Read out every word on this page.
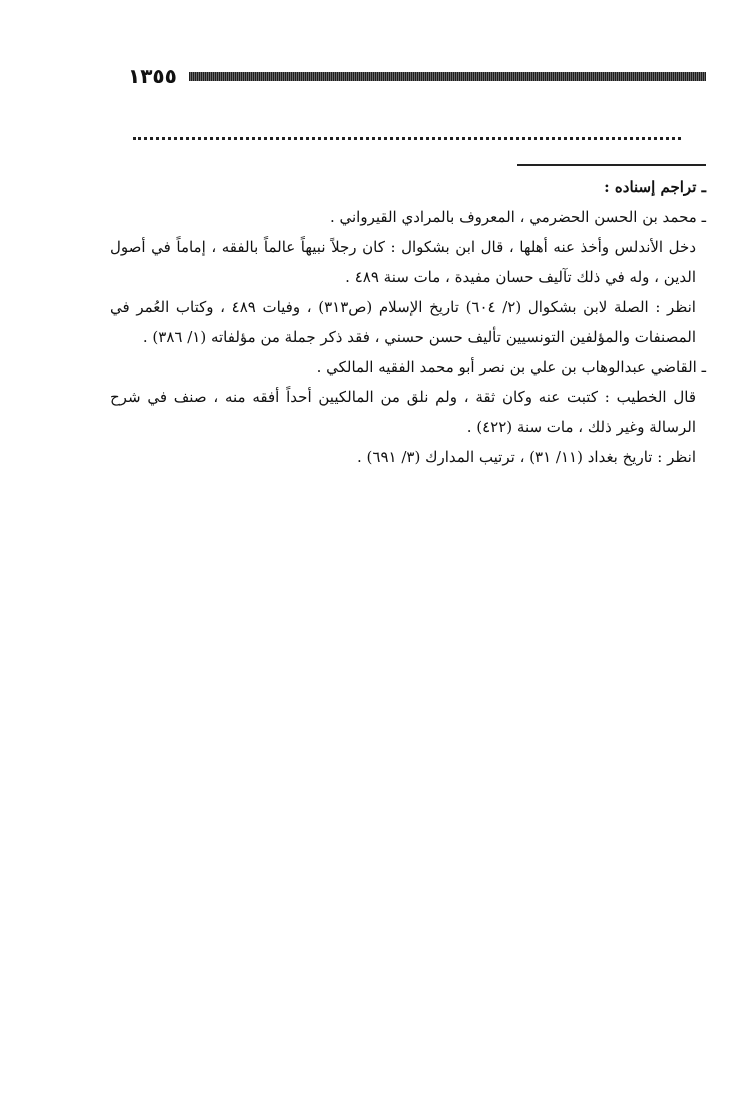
١٣٥٥

ـ تراجم إسناده :

ـ محمد بن الحسن الحضرمي ، المعروف بالمرادي القيرواني .

دخل الأندلس وأخذ عنه أهلها ، قال ابن بشكوال : كان رجلاً نبيهاً عالماً بالفقه ، إماماً في أصول الدين ، وله في ذلك تآليف حسان مفيدة ، مات سنة ٤٨٩ .

انظر : الصلة لابن بشكوال (٢/ ٦٠٤) تاريخ الإسلام (ص٣١٣) ، وفيات ٤٨٩ ، وكتاب العُمر في المصنفات والمؤلفين التونسيين تأليف حسن حسني ، فقد ذكر جملة من مؤلفاته (١/ ٣٨٦) .

ـ القاضي عبدالوهاب بن علي بن نصر أبو محمد الفقيه المالكي .

قال الخطيب : كتبت عنه وكان ثقة ، ولم نلق من المالكيين أحداً أفقه منه ، صنف في شرح الرسالة وغير ذلك ، مات سنة (٤٢٢) .

انظر : تاريخ بغداد (١١/ ٣١) ، ترتيب المدارك (٣/ ٦٩١) .
